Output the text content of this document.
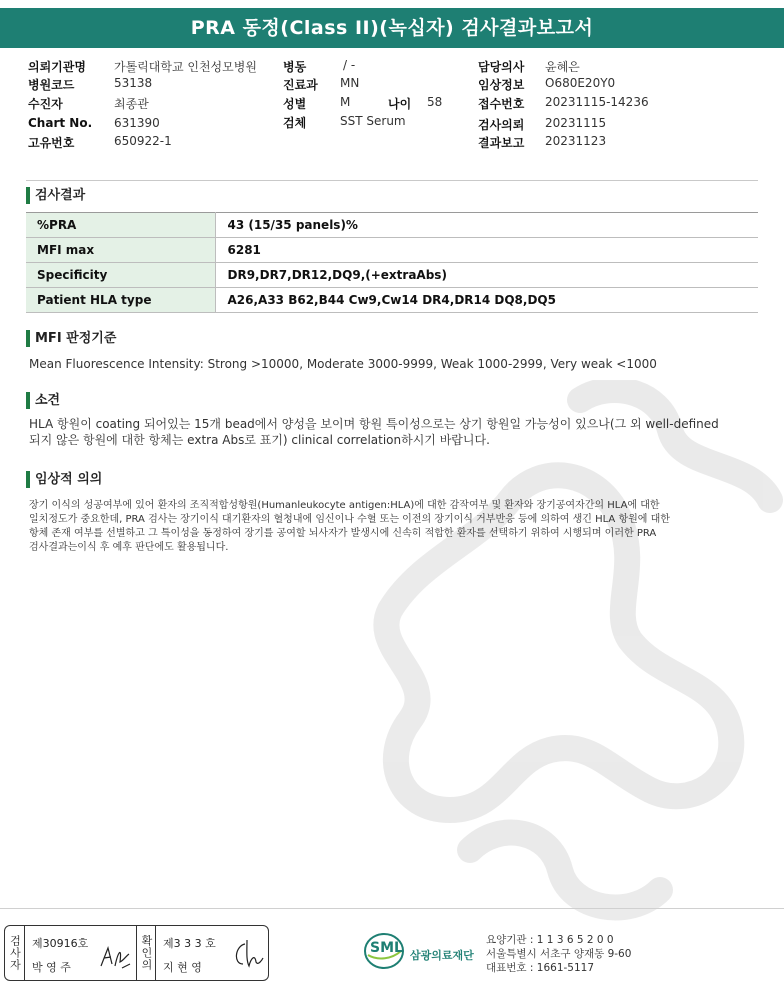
PRA 동정(Class II)(녹십자) 검사결과보고서
의뢰기관명 가톨릭대학교 인천성모병원
병원코드	53138
수진자	최종관
Chart No. 631390
고유번호	650922-1
병동	/ -
진료과 MN
성별	M	나이 58
검체	SST Serum
담당의사 윤혜은
임상정보 O680E20Y0
접수번호 20231115-14236
검사의뢰 20231115
결과보고 20231123
검사결과
%PRA	43 (15/35 panels)%
MFI max	6281
Specificity	DR9,DR7,DR12,DQ9,(+extraAbs)
Patient HLA type	A26,A33 B62,B44 Cw9,Cw14 DR4,DR14 DQ8,DQ5
MFI 판정기준
Mean Fluorescence Intensity: Strong >10000, Moderate 3000-9999, Weak 1000-2999, Very weak <1000
소견
HLA 항원이 coating 되어있는 15개 bead에서 양성을 보이며 항원 특이성으로는 상기 항원일 가능성이 있으나(그 외 well-defined
되지 않은 항원에 대한 항체는 extra Abs로 표기) clinical correlation하시기 바랍니다.
임상적 의의
장기 이식의 성공여부에 있어 환자의 조직적합성항원(Humanleukocyte antigen:HLA)에 대한 감작여부 및 환자와 장기공여자간의 HLA에 대한
일치정도가 중요한데, PRA 검사는 장기이식 대기환자의 혈청내에 임신이나 수혈 또는 이전의 장기이식 거부반응 등에 의하여 생긴 HLA 항원에 대한
항체 존재 여부를 선별하고 그 특이성을 동정하여 장기를 공여할 뇌사자가 발생시에 신속히 적합한 환자를 선택하기 위하여 시행되며 이러한 PRA
검사결과는이식 후 예후 판단에도 활용됩니다.
검사자 제30916호
박 영 주	확인의 제3 3 3 호
지 현 영
SML 삼광의료재단
요양기관 : 1 1 3 6 5 2 0 0
서울특별시 서초구 양재동 9-60
대표번호 : 1661-5117
